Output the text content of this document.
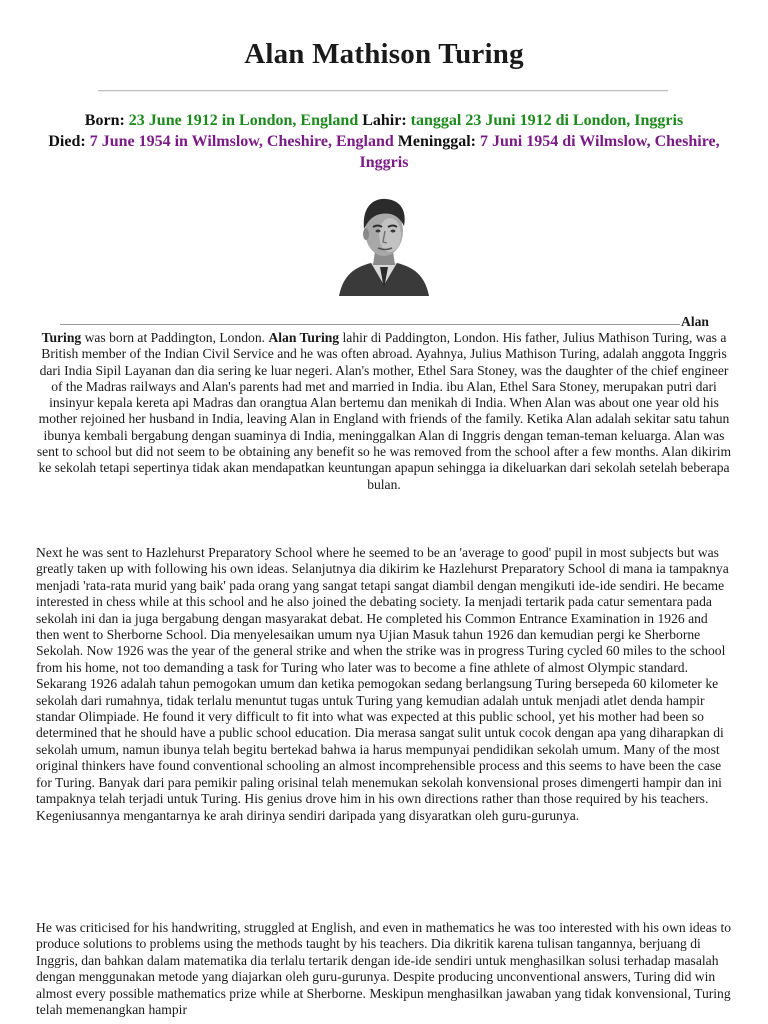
Alan Mathison Turing
Born: 23 June 1912 in London, England Lahir: tanggal 23 Juni 1912 di London, Inggris
Died: 7 June 1954 in Wilmslow, Cheshire, England Meninggal: 7 Juni 1954 di Wilmslow, Cheshire, Inggris
Alan
Turing was born at Paddington, London. Alan Turing lahir di Paddington, London. His father, Julius Mathison Turing, was a British member of the Indian Civil Service and he was often abroad. Ayahnya, Julius Mathison Turing, adalah anggota Inggris dari India Sipil Layanan dan dia sering ke luar negeri. Alan's mother, Ethel Sara Stoney, was the daughter of the chief engineer of the Madras railways and Alan's parents had met and married in India. ibu Alan, Ethel Sara Stoney, merupakan putri dari insinyur kepala kereta api Madras dan orangtua Alan bertemu dan menikah di India. When Alan was about one year old his mother rejoined her husband in India, leaving Alan in England with friends of the family. Ketika Alan adalah sekitar satu tahun ibunya kembali bergabung dengan suaminya di India, meninggalkan Alan di Inggris dengan teman-teman keluarga. Alan was sent to school but did not seem to be obtaining any benefit so he was removed from the school after a few months. Alan dikirim ke sekolah tetapi sepertinya tidak akan mendapatkan keuntungan apapun sehingga ia dikeluarkan dari sekolah setelah beberapa bulan.
Next he was sent to Hazlehurst Preparatory School where he seemed to be an 'average to good' pupil in most subjects but was greatly taken up with following his own ideas. Selanjutnya dia dikirim ke Hazlehurst Preparatory School di mana ia tampaknya menjadi 'rata-rata murid yang baik' pada orang yang sangat tetapi sangat diambil dengan mengikuti ide-ide sendiri. He became interested in chess while at this school and he also joined the debating society. Ia menjadi tertarik pada catur sementara pada sekolah ini dan ia juga bergabung dengan masyarakat debat. He completed his Common Entrance Examination in 1926 and then went to Sherborne School. Dia menyelesaikan umum nya Ujian Masuk tahun 1926 dan kemudian pergi ke Sherborne Sekolah. Now 1926 was the year of the general strike and when the strike was in progress Turing cycled 60 miles to the school from his home, not too demanding a task for Turing who later was to become a fine athlete of almost Olympic standard. Sekarang 1926 adalah tahun pemogokan umum dan ketika pemogokan sedang berlangsung Turing bersepeda 60 kilometer ke sekolah dari rumahnya, tidak terlalu menuntut tugas untuk Turing yang kemudian adalah untuk menjadi atlet denda hampir standar Olimpiade. He found it very difficult to fit into what was expected at this public school, yet his mother had been so determined that he should have a public school education. Dia merasa sangat sulit untuk cocok dengan apa yang diharapkan di sekolah umum, namun ibunya telah begitu bertekad bahwa ia harus mempunyai pendidikan sekolah umum. Many of the most original thinkers have found conventional schooling an almost incomprehensible process and this seems to have been the case for Turing. Banyak dari para pemikir paling orisinal telah menemukan sekolah konvensional proses dimengerti hampir dan ini tampaknya telah terjadi untuk Turing. His genius drove him in his own directions rather than those required by his teachers. Kegeniusannya mengantarnya ke arah dirinya sendiri daripada yang disyaratkan oleh guru-gurunya.
He was criticised for his handwriting, struggled at English, and even in mathematics he was too interested with his own ideas to produce solutions to problems using the methods taught by his teachers. Dia dikritik karena tulisan tangannya, berjuang di Inggris, dan bahkan dalam matematika dia terlalu tertarik dengan ide-ide sendiri untuk menghasilkan solusi terhadap masalah dengan menggunakan metode yang diajarkan oleh guru-gurunya. Despite producing unconventional answers, Turing did win almost every possible mathematics prize while at Sherborne. Meskipun menghasilkan jawaban yang tidak konvensional, Turing telah memenangkan hampir
